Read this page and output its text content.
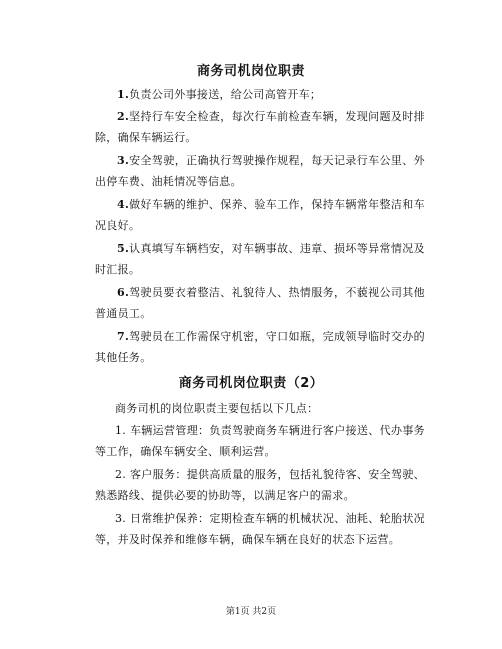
商务司机岗位职责
1.负责公司外事接送，给公司高管开车；
2.坚持行车安全检查，每次行车前检查车辆，发现问题及时排除，确保车辆运行。
3.安全驾驶，正确执行驾驶操作规程，每天记录行车公里、外出停车费、油耗情况等信息。
4.做好车辆的维护、保养、验车工作，保持车辆常年整洁和车况良好。
5.认真填写车辆档安，对车辆事故、违章、损坏等异常情况及时汇报。
商务司机岗位职责（2）
商务司机的岗位职责主要包括以下几点：
1. 车辆运营管理：负责驾驶商务车辆进行客户接送、代办事务等工作，确保车辆安全、顺利运营。
2. 客户服务：提供高质量的服务，包括礼貌待客、安全驾驶、熟悉路线、提供必要的协助等，以满足客户的需求。
3. 日常维护保养：定期检查车辆的机械状况、油耗、轮胎状况等，并及时保养和维修车辆，确保车辆在良好的状态下运营。
第1页 共2页
6.驾驶员要衣着整洁、礼貌待人、热情服务，不藐视公司其他普通员工。
7.驾驶员在工作需保守机密，守口如瓶，完成领导临时交办的其他任务。
